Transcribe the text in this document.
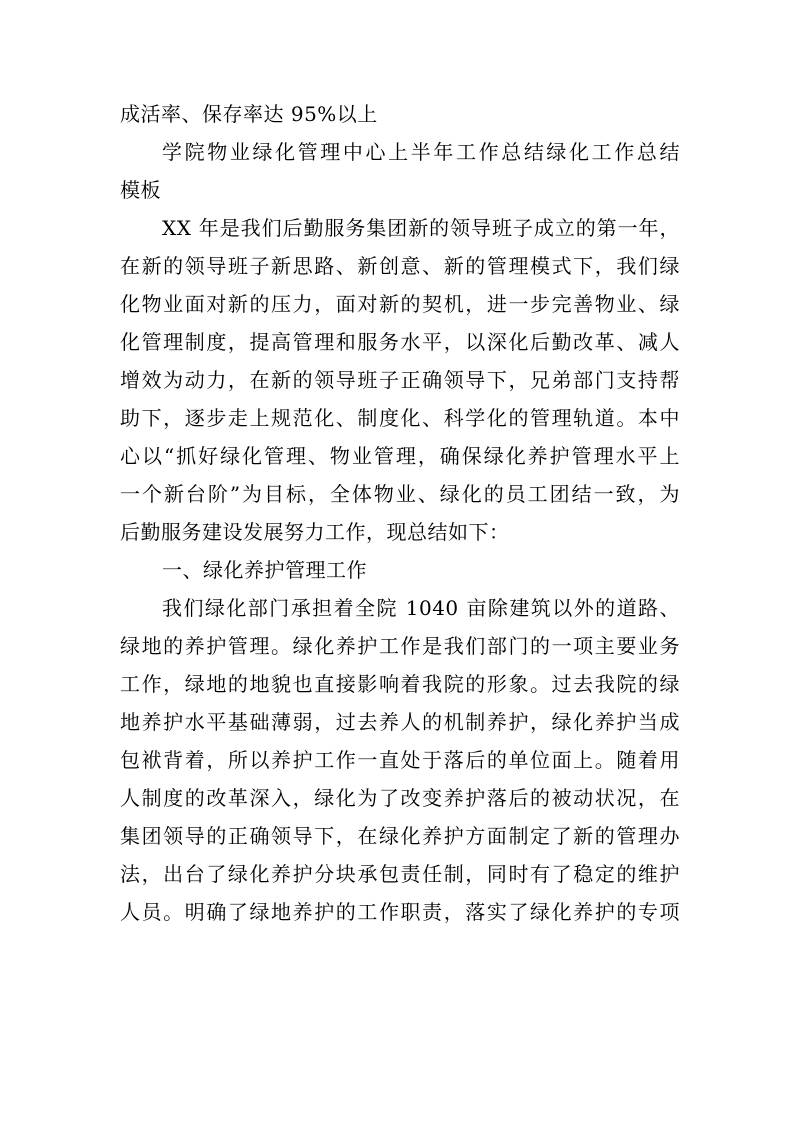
成活率、保存率达 95%以上
学院物业绿化管理中心上半年工作总结绿化工作总结
模板
XX 年是我们后勤服务集团新的领导班子成立的第一年，
在新的领导班子新思路、新创意、新的管理模式下，我们绿
化物业面对新的压力，面对新的契机，进一步完善物业、绿
化管理制度，提高管理和服务水平，以深化后勤改革、减人
增效为动力，在新的领导班子正确领导下，兄弟部门支持帮
助下，逐步走上规范化、制度化、科学化的管理轨道。本中
心以“抓好绿化管理、物业管理，确保绿化养护管理水平上
一个新台阶”为目标，全体物业、绿化的员工团结一致，为
后勤服务建设发展努力工作，现总结如下：
一、绿化养护管理工作
我们绿化部门承担着全院 1040 亩除建筑以外的道路、
绿地的养护管理。绿化养护工作是我们部门的一项主要业务
工作，绿地的地貌也直接影响着我院的形象。过去我院的绿
地养护水平基础薄弱，过去养人的机制养护，绿化养护当成
包袱背着，所以养护工作一直处于落后的单位面上。随着用
人制度的改革深入，绿化为了改变养护落后的被动状况，在
集团领导的正确领导下，在绿化养护方面制定了新的管理办
法，出台了绿化养护分块承包责任制，同时有了稳定的维护
人员。明确了绿地养护的工作职责，落实了绿化养护的专项
